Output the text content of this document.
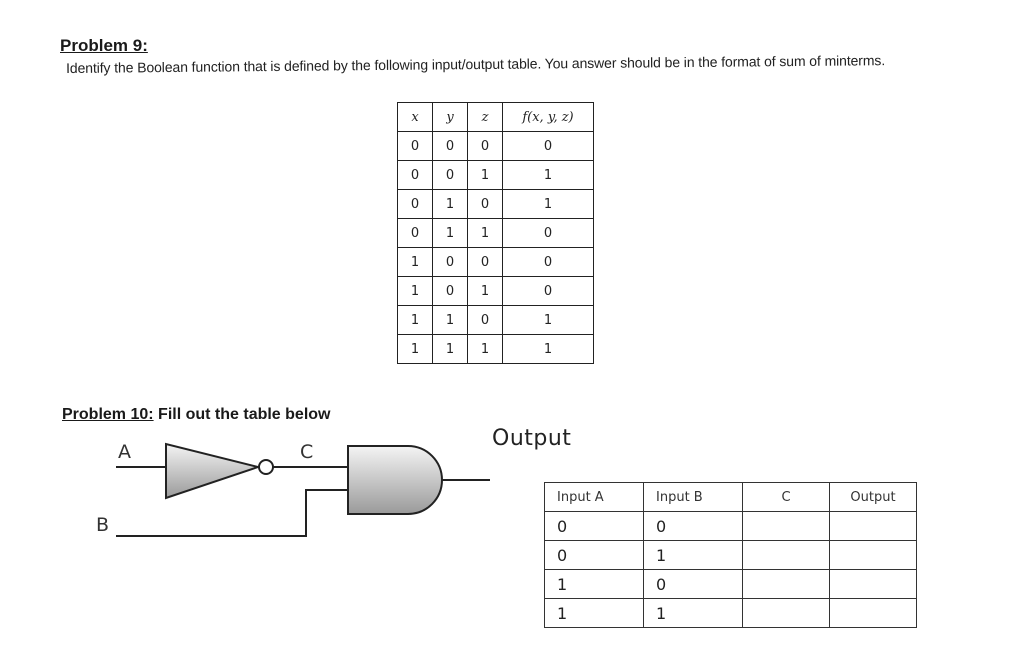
Problem 9:
Identify the Boolean function that is defined by the following input/output table. You answer should be in the format of sum of minterms.
x	y	z	f(x, y, z)
0	0	0	0
0	0	1	1
0	1	0	1
0	1	1	0
1	0	0	0
1	0	1	0
1	1	0	1
1	1	1	1
Problem 10: Fill out the table below
A	C
B
Output
Input A	Input B	C	Output
0	0		
0	1		
1	0		
1	1		
